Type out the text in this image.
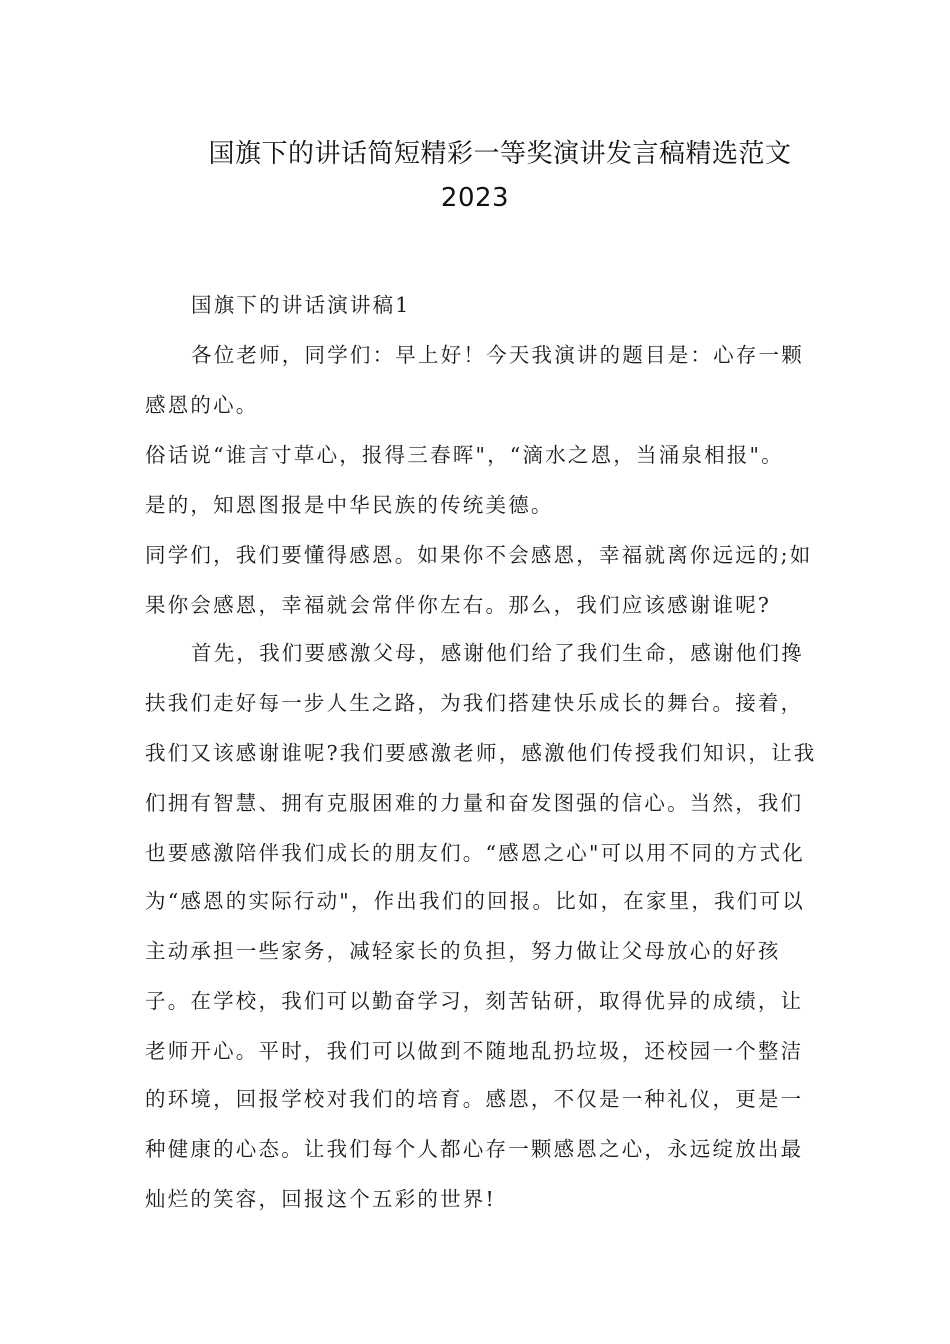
国旗下的讲话简短精彩一等奖演讲发言稿精选范文
2023
国旗下的讲话演讲稿1
各位老师，同学们：早上好！今天我演讲的题目是：心存一颗
感恩的心。
俗话说“谁言寸草心，报得三春晖"，“滴水之恩，当涌泉相报"。
是的，知恩图报是中华民族的传统美德。
同学们，我们要懂得感恩。如果你不会感恩，幸福就离你远远的;如
果你会感恩，幸福就会常伴你左右。那么，我们应该感谢谁呢?
首先，我们要感激父母，感谢他们给了我们生命，感谢他们搀
扶我们走好每一步人生之路，为我们搭建快乐成长的舞台。接着，
我们又该感谢谁呢?我们要感激老师，感激他们传授我们知识，让我
们拥有智慧、拥有克服困难的力量和奋发图强的信心。当然，我们
也要感激陪伴我们成长的朋友们。“感恩之心"可以用不同的方式化
为“感恩的实际行动"，作出我们的回报。比如，在家里，我们可以
主动承担一些家务，减轻家长的负担，努力做让父母放心的好孩
子。在学校，我们可以勤奋学习，刻苦钻研，取得优异的成绩，让
老师开心。平时，我们可以做到不随地乱扔垃圾，还校园一个整洁
的环境，回报学校对我们的培育。感恩，不仅是一种礼仪，更是一
种健康的心态。让我们每个人都心存一颗感恩之心，永远绽放出最
灿烂的笑容，回报这个五彩的世界!
